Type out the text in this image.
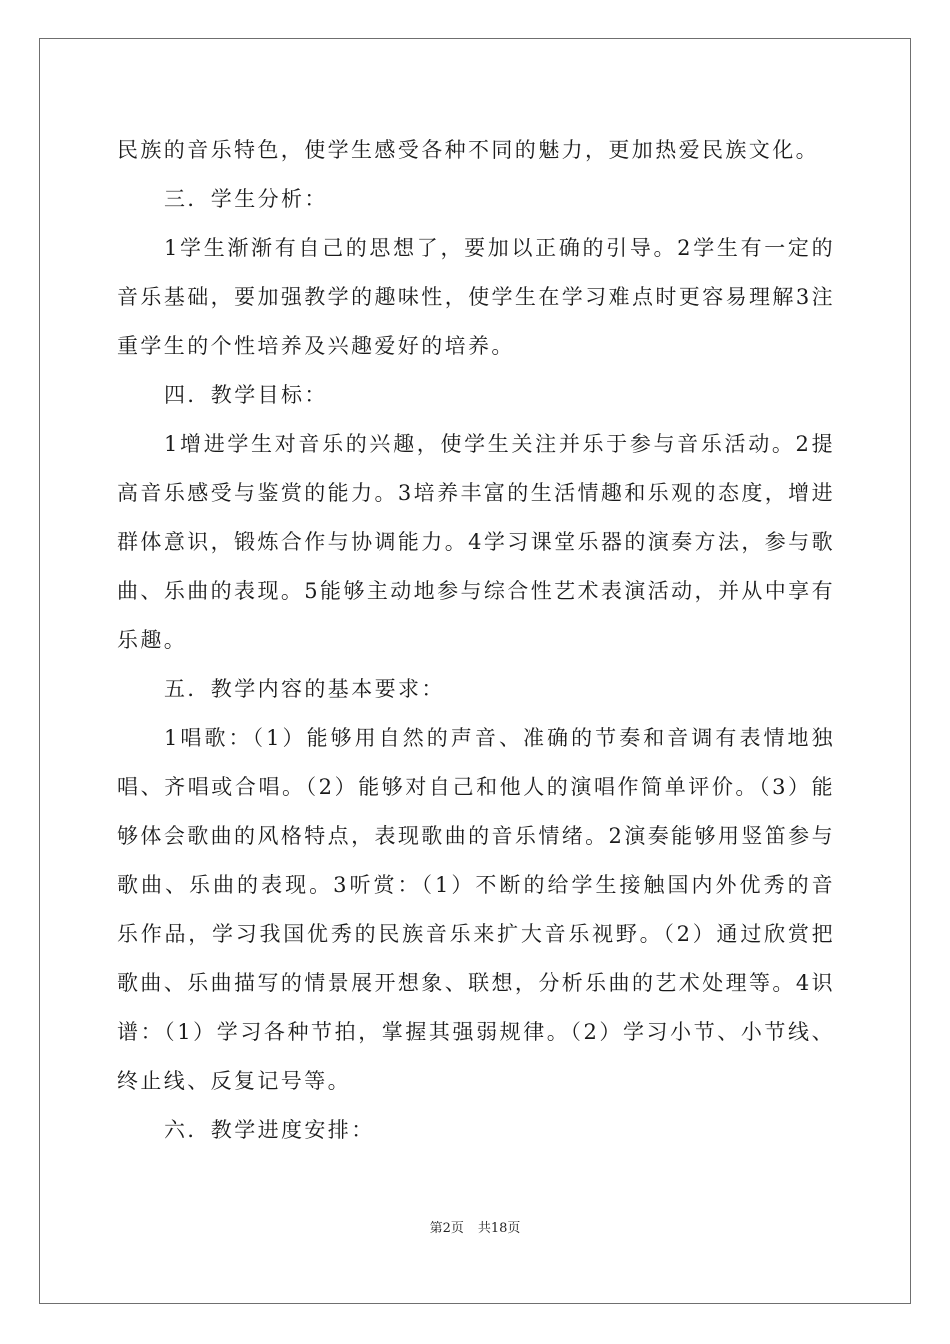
民族的音乐特色，使学生感受各种不同的魅力，更加热爱民族文化。

三．学生分析：

1学生渐渐有自己的思想了，要加以正确的引导。2学生有一定的音乐基础，要加强教学的趣味性，使学生在学习难点时更容易理解3注重学生的个性培养及兴趣爱好的培养。

四．教学目标：

1增进学生对音乐的兴趣，使学生关注并乐于参与音乐活动。2提高音乐感受与鉴赏的能力。3培养丰富的生活情趣和乐观的态度，增进群体意识，锻炼合作与协调能力。4学习课堂乐器的演奏方法，参与歌曲、乐曲的表现。5能够主动地参与综合性艺术表演活动，并从中享有乐趣。

五．教学内容的基本要求：

1唱歌：（1）能够用自然的声音、准确的节奏和音调有表情地独唱、齐唱或合唱。（2）能够对自己和他人的演唱作简单评价。（3）能够体会歌曲的风格特点，表现歌曲的音乐情绪。2演奏能够用竖笛参与歌曲、乐曲的表现。3听赏：（1）不断的给学生接触国内外优秀的音乐作品，学习我国优秀的民族音乐来扩大音乐视野。（2）通过欣赏把歌曲、乐曲描写的情景展开想象、联想，分析乐曲的艺术处理等。4识谱：（1）学习各种节拍，掌握其强弱规律。（2）学习小节、小节线、终止线、反复记号等。

六．教学进度安排：

第2页 共18页
